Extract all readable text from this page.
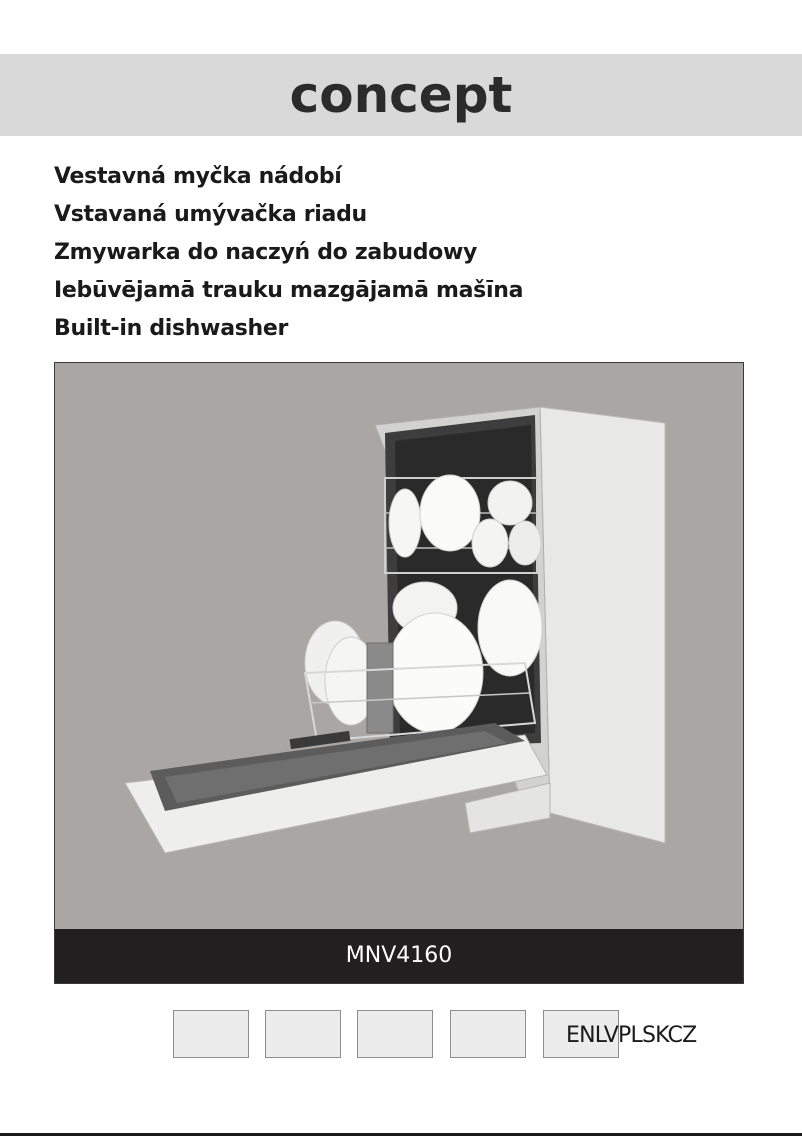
concept
Vestavná myčka nádobí
Vstavaná umývačka riadu
Zmywarka do naczyń do zabudowy
Iebūvējamā trauku mazgājamā mašīna
Built-in dishwasher
MNV4160
ENLVPLSKCZ
